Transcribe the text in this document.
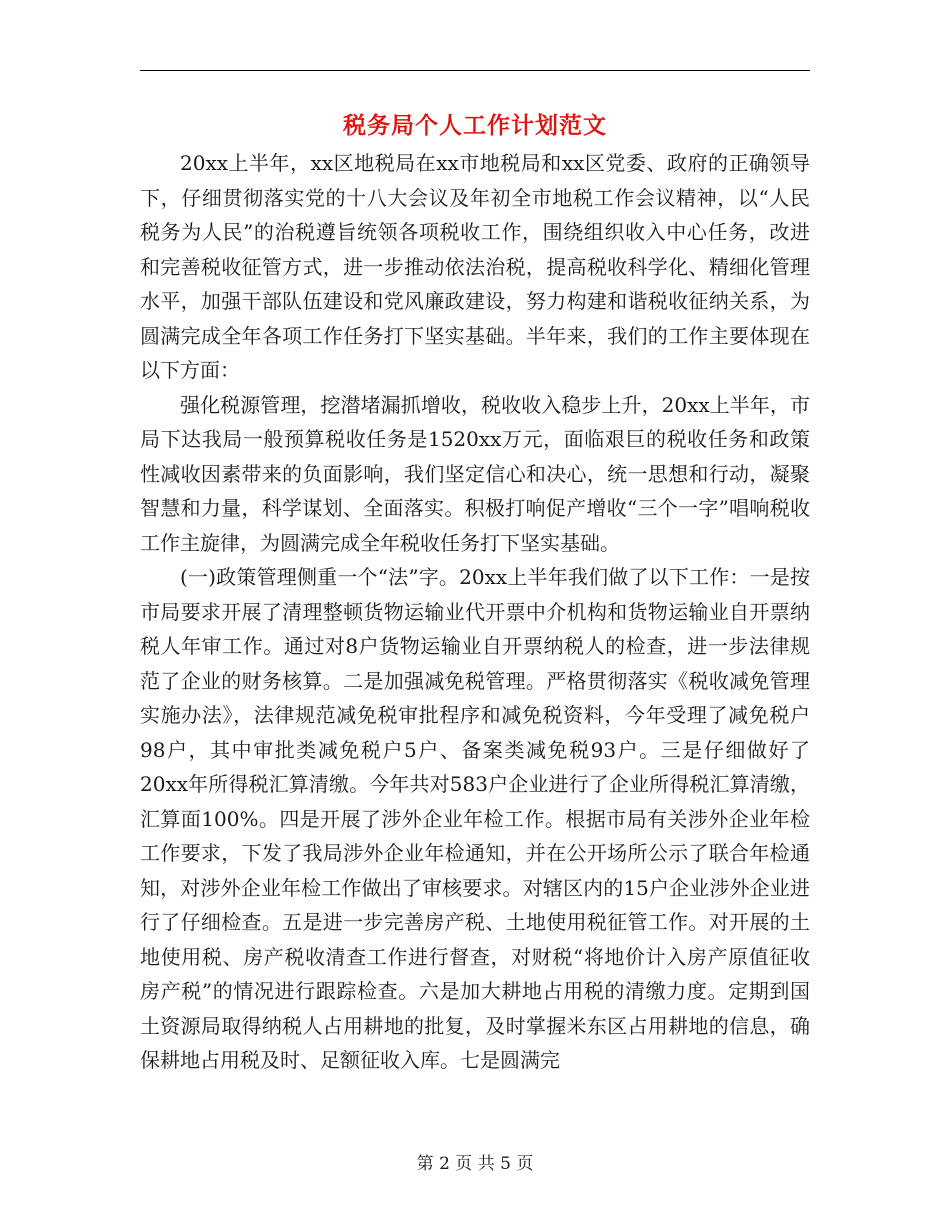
税务局个人工作计划范文

20xx上半年，xx区地税局在xx市地税局和xx区党委、政府的正确领导下，仔细贯彻落实党的十八大会议及年初全市地税工作会议精神，以“人民税务为人民”的治税遵旨统领各项税收工作，围绕组织收入中心任务，改进和完善税收征管方式，进一步推动依法治税，提高税收科学化、精细化管理水平，加强干部队伍建设和党风廉政建设，努力构建和谐税收征纳关系，为圆满完成全年各项工作任务打下坚实基础。半年来，我们的工作主要体现在以下方面：

强化税源管理，挖潜堵漏抓增收，税收收入稳步上升，20xx上半年，市局下达我局一般预算税收任务是1520xx万元，面临艰巨的税收任务和政策性减收因素带来的负面影响，我们坚定信心和决心，统一思想和行动，凝聚智慧和力量，科学谋划、全面落实。积极打响促产增收“三个一字”唱响税收工作主旋律，为圆满完成全年税收任务打下坚实基础。

(一)政策管理侧重一个“法”字。20xx上半年我们做了以下工作：一是按市局要求开展了清理整顿货物运输业代开票中介机构和货物运输业自开票纳税人年审工作。通过对8户货物运输业自开票纳税人的检查，进一步法律规范了企业的财务核算。二是加强减免税管理。严格贯彻落实《税收减免管理实施办法》，法律规范减免税审批程序和减免税资料，今年受理了减免税户98户，其中审批类减免税户5户、备案类减免税93户。三是仔细做好了20xx年所得税汇算清缴。今年共对583户企业进行了企业所得税汇算清缴，汇算面100%。四是开展了涉外企业年检工作。根据市局有关涉外企业年检工作要求，下发了我局涉外企业年检通知，并在公开场所公示了联合年检通知，对涉外企业年检工作做出了审核要求。对辖区内的15户企业涉外企业进行了仔细检查。五是进一步完善房产税、土地使用税征管工作。对开展的土地使用税、房产税收清查工作进行督查，对财税“将地价计入房产原值征收房产税”的情况进行跟踪检查。六是加大耕地占用税的清缴力度。定期到国土资源局取得纳税人占用耕地的批复，及时掌握米东区占用耕地的信息，确保耕地占用税及时、足额征收入库。七是圆满完

第 2 页 共 5 页
